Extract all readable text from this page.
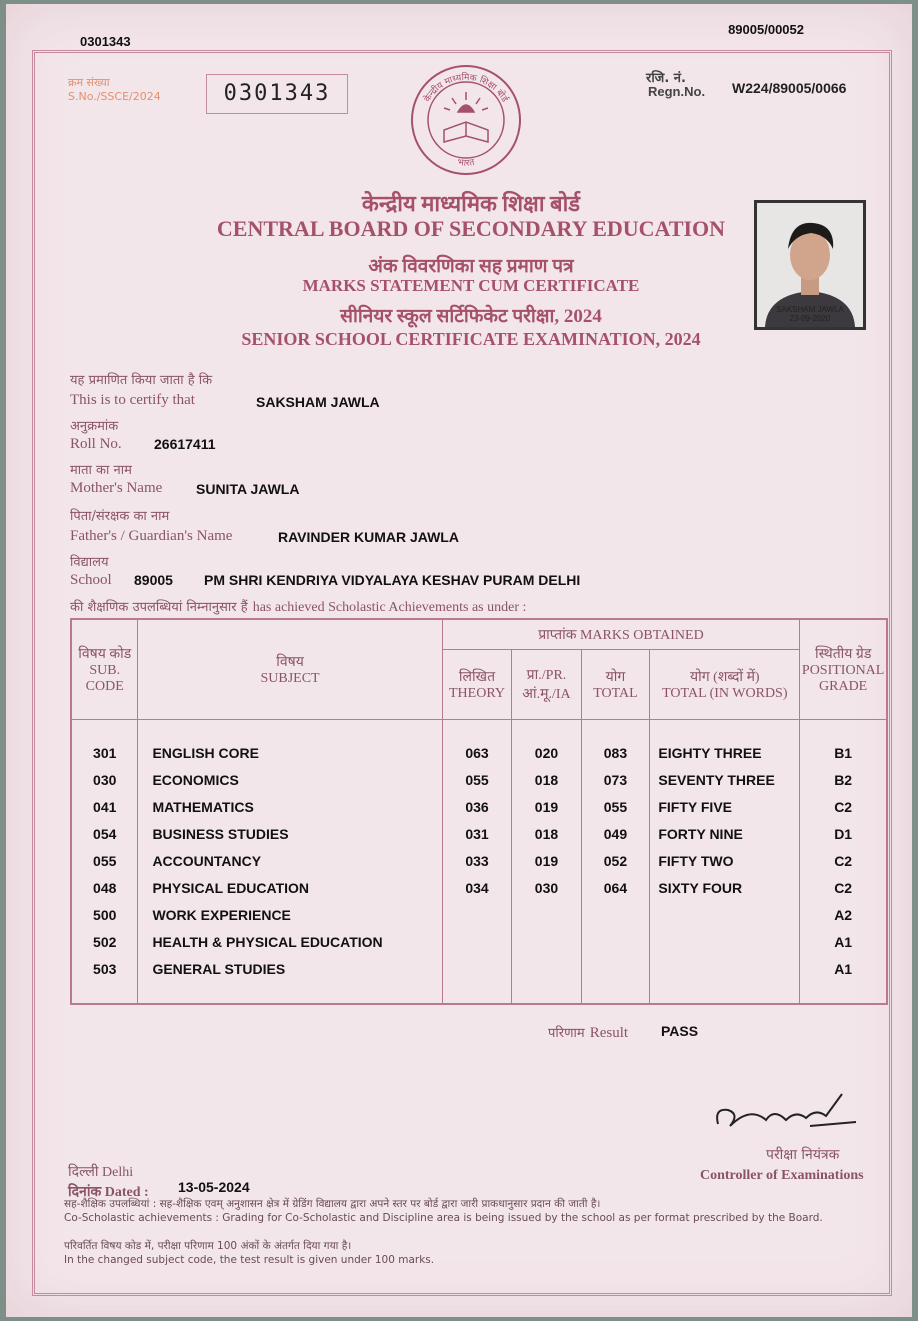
0301343
89005/00052
क्रम संख्या
S.No./SSCE/2024	0301343
रजि. नं.
Regn.No. W224/89005/0066
केन्द्रीय माध्यमिक शिक्षा बोर्ड
भारत
केन्द्रीय माध्यमिक शिक्षा बोर्ड
CENTRAL BOARD OF SECONDARY EDUCATION
अंक विवरणिका सह प्रमाण पत्र
MARKS STATEMENT CUM CERTIFICATE
सीनियर स्कूल सर्टिफिकेट परीक्षा, 2024
SENIOR SCHOOL CERTIFICATE EXAMINATION, 2024
SAKSHAM JAWLA
23-09-2020
यह प्रमाणित किया जाता है कि
This is to certify that	SAKSHAM JAWLA
अनुक्रमांक
Roll No. 26617411
माता का नाम
Mother's Name SUNITA JAWLA
पिता/संरक्षक का नाम
Father's / Guardian's Name	RAVINDER KUMAR JAWLA
विद्यालय
School 89005 PM SHRI KENDRIYA VIDYALAYA KESHAV PURAM DELHI
की शैक्षणिक उपलब्धियां निम्नानुसार हैं has achieved Scholastic Achievements as under :
विषय कोड
SUB. CODE	विषय
SUBJECT	प्राप्तांक MARKS OBTAINED				स्थितीय ग्रेड
POSITIONAL GRADE

		लिखित
THEORY	प्रा./PR.
आं.मू./IA	योग
TOTAL	योग (शब्दों में)
TOTAL (IN WORDS)	

301	ENGLISH CORE	063	020	083	EIGHTY THREE	B1
030	ECONOMICS	055	018	073	SEVENTY THREE	B2
041	MATHEMATICS	036	019	055	FIFTY FIVE	C2
054	BUSINESS STUDIES	031	018	049	FORTY NINE	D1
055	ACCOUNTANCY	033	019	052	FIFTY TWO	C2
048	PHYSICAL EDUCATION	034	030	064	SIXTY FOUR	C2
500	WORK EXPERIENCE					A2
502	HEALTH & PHYSICAL EDUCATION					A1
503	GENERAL STUDIES					A1

परिणाम Result PASS
परीक्षा नियंत्रक
Controller of Examinations
दिल्ली Delhi
दिनांक Dated : 13-05-2024
सह-शैक्षिक उपलब्धियां : सह-शैक्षिक एवम् अनुशासन क्षेत्र में ग्रेडिंग विद्यालय द्वारा अपने स्तर पर बोर्ड द्वारा जारी प्राकधानुसार प्रदान की जाती है।
Co-Scholastic achievements : Grading for Co-Scholastic and Discipline area is being issued by the school as per format prescribed by the Board.
परिवर्तित विषय कोड में, परीक्षा परिणाम 100 अंकों के अंतर्गत दिया गया है।
In the changed subject code, the test result is given under 100 marks.
